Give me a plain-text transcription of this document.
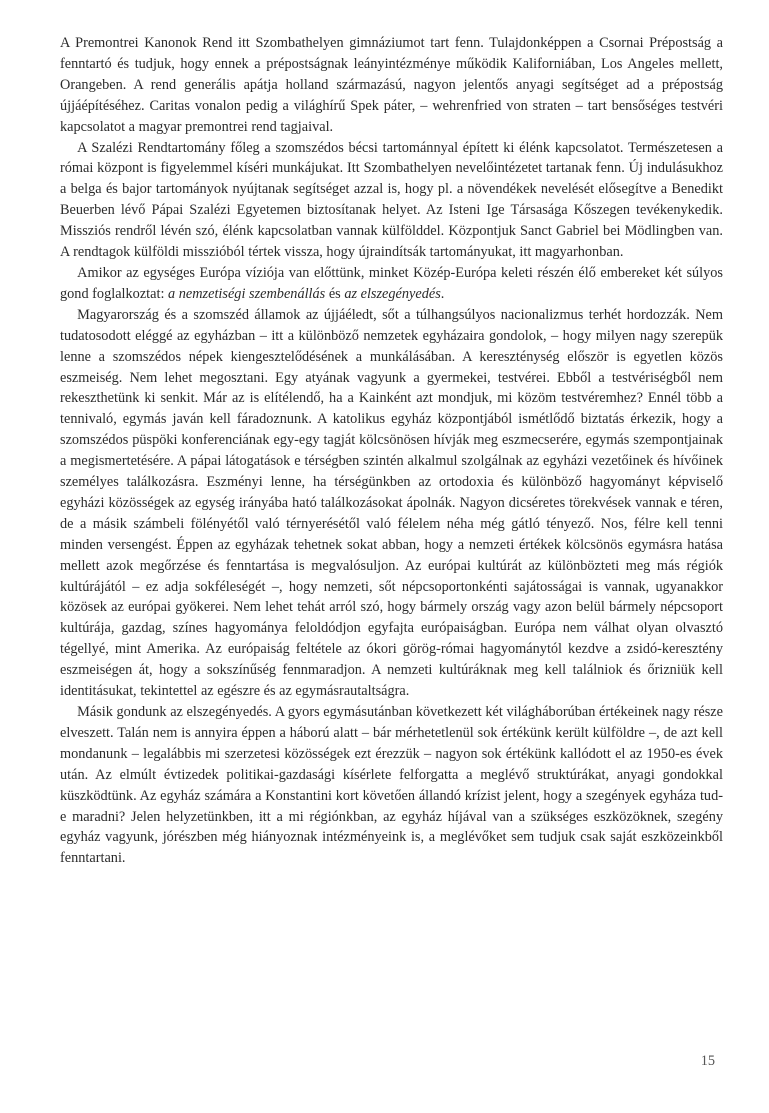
A Premontrei Kanonok Rend itt Szombathelyen gimnáziumot tart fenn. Tulajdonképpen a Csornai Prépostság a fenntartó és tudjuk, hogy ennek a prépostságnak leányintézménye működik Kaliforniában, Los Angeles mellett, Orangeben. A rend generális apátja holland származású, nagyon jelentős anyagi segítséget ad a prépostság újjáépítéséhez. Caritas vonalon pedig a világhírű Spek páter, – wehrenfried von straten – tart bensőséges testvéri kapcsolatot a magyar premontrei rend tagjaival.

A Szalézi Rendtartomány főleg a szomszédos bécsi tartománnyal épített ki élénk kapcsolatot. Természetesen a római központ is figyelemmel kíséri munkájukat. Itt Szombathelyen nevelőintézetet tartanak fenn. Új indulásukhoz a belga és bajor tartományok nyújtanak segítséget azzal is, hogy pl. a növendékek nevelését elősegítve a Benedikt Beuerben lévő Pápai Szalézi Egyetemen biztosítanak helyet. Az Isteni Ige Társasága Kőszegen tevékenykedik. Missziós rendről lévén szó, élénk kapcsolatban vannak külfölddel. Központjuk Sanct Gabriel bei Mödlingben van. A rendtagok külföldi misszióból tértek vissza, hogy újraindítsák tartományukat, itt magyarhonban.

Amikor az egységes Európa víziója van előttünk, minket Közép-Európa keleti részén élő embereket két súlyos gond foglalkoztat: a nemzetiségi szembenállás és az elszegényedés.

Magyarország és a szomszéd államok az újjáéledt, sőt a túlhangsúlyos nacionalizmus terhét hordozzák. Nem tudatosodott eléggé az egyházban – itt a különböző nemzetek egyházaira gondolok, – hogy milyen nagy szerepük lenne a szomszédos népek kiengesztelődésének a munkálásában. A kereszténység először is egyetlen közös eszmeiség. Nem lehet megosztani. Egy atyának vagyunk a gyermekei, testvérei. Ebből a testvériségből nem rekeszthetünk ki senkit. Már az is elítélendő, ha a Kainként azt mondjuk, mi közöm testvéremhez? Ennél több a tennivaló, egymás javán kell fáradoznunk. A katolikus egyház központjából ismétlődő biztatás érkezik, hogy a szomszédos püspöki konferenciának egy-egy tagját kölcsönösen hívják meg eszmecserére, egymás szempontjainak a megismertetésére. A pápai látogatások e térségben szintén alkalmul szolgálnak az egyházi vezetőinek és hívőinek személyes találkozásra. Eszményi lenne, ha térségünkben az ortodoxia és különböző hagyományt képviselő egyházi közösségek az egység irányába ható találkozásokat ápolnák. Nagyon dicséretes törekvések vannak e téren, de a másik számbeli fölényétől való térnyerésétől való félelem néha még gátló tényező. Nos, félre kell tenni minden versengést. Éppen az egyházak tehetnek sokat abban, hogy a nemzeti értékek kölcsönös egymásra hatása mellett azok megőrzése és fenntartása is megvalósuljon. Az európai kultúrát az különbözteti meg más régiók kultúrájától – ez adja sokféleségét –, hogy nemzeti, sőt népcsoportonkénti sajátosságai is vannak, ugyanakkor közösek az európai gyökerei. Nem lehet tehát arról szó, hogy bármely ország vagy azon belül bármely népcsoport kultúrája, gazdag, színes hagyománya feloldódjon egyfajta európaiságban. Európa nem válhat olyan olvasztó tégellyé, mint Amerika. Az európaiság feltétele az ókori görög-római hagyománytól kezdve a zsidó-keresztény eszmeiségen át, hogy a sokszínűség fennmaradjon. A nemzeti kultúráknak meg kell találniok és őrizniük kell identitásukat, tekintettel az egészre és az egymásrautaltságra.

Másik gondunk az elszegényedés. A gyors egymásutánban következett két világháborúban értékeinek nagy része elveszett. Talán nem is annyira éppen a háború alatt – bár mérhetetlenül sok értékünk került külföldre –, de azt kell mondanunk – legalábbis mi szerzetesi közösségek ezt érezzük – nagyon sok értékünk kallódott el az 1950-es évek után. Az elmúlt évtizedek politikai-gazdasági kísérlete felforgatta a meglévő struktúrákat, anyagi gondokkal küszködtünk. Az egyház számára a Konstantini kort követően állandó krízist jelent, hogy a szegények egyháza tud-e maradni? Jelen helyzetünkben, itt a mi régiónkban, az egyház híjával van a szükséges eszközöknek, szegény egyház vagyunk, jórészben még hiányoznak intézményeink is, a meglévőket sem tudjuk csak saját eszközeinkből fenntartani.

15
